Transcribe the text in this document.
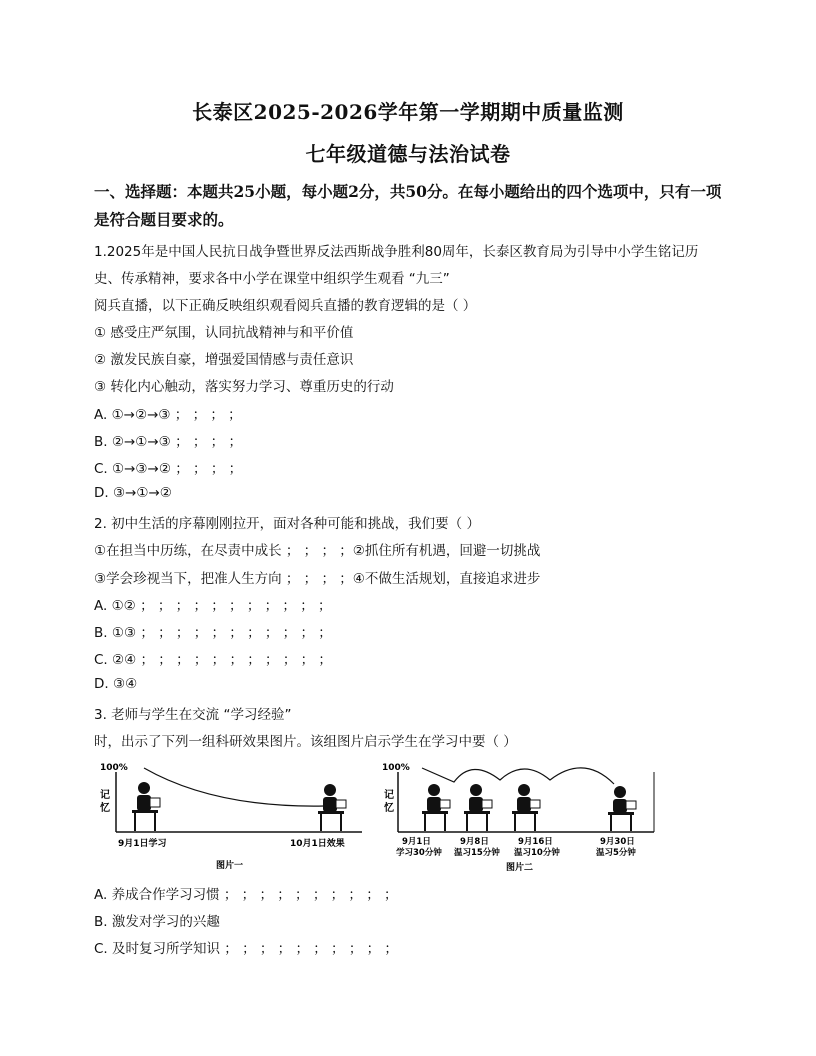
长泰区2025-2026学年第一学期期中质量监测
七年级道德与法治试卷
一、选择题：本题共25小题，每小题2分，共50分。在每小题给出的四个选项中，只有一项是符合题目要求的。
1.2025年是中国人民抗日战争暨世界反法西斯战争胜利80周年，长泰区教育局为引导中小学生铭记历
史、传承精神，要求各中小学在课堂中组织学生观看 “九三”
阅兵直播，以下正确反映组织观看阅兵直播的教育逻辑的是（ ）
① 感受庄严氛围，认同抗战精神与和平价值
② 激发民族自豪，增强爱国情感与责任意识
③ 转化内心触动，落实努力学习、尊重历史的行动
A. ①→②→③ ； ； ； ；
B. ②→①→③ ； ； ； ；
C. ①→③→② ； ； ； ；
D. ③→①→②
2. 初中生活的序幕刚刚拉开，面对各种可能和挑战，我们要（ ）
①在担当中历练，在尽责中成长 ； ； ； ；②抓住所有机遇，回避一切挑战
③学会珍视当下，把准人生方向 ； ； ； ；④不做生活规划，直接追求进步
A. ①② ； ； ； ； ； ； ； ； ； ； ；
B. ①③ ； ； ； ； ； ； ； ； ； ； ；
C. ②④ ； ； ； ； ； ； ； ； ； ； ；
D. ③④
3. 老师与学生在交流 “学习经验”
时，出示了下列一组科研效果图片。该组图片启示学生在学习中要（ ）
100%
记
忆
9月1日学习	10月1日效果
图片一
100%
记
忆
9月1日
学习30分钟
9月8日
温习15分钟
9月16日
温习10分钟
9月30日
温习5分钟
图片二
A. 养成合作学习习惯 ； ； ； ； ； ； ； ； ； ；
B. 激发对学习的兴趣
C. 及时复习所学知识 ； ； ； ； ； ； ； ； ； ；
